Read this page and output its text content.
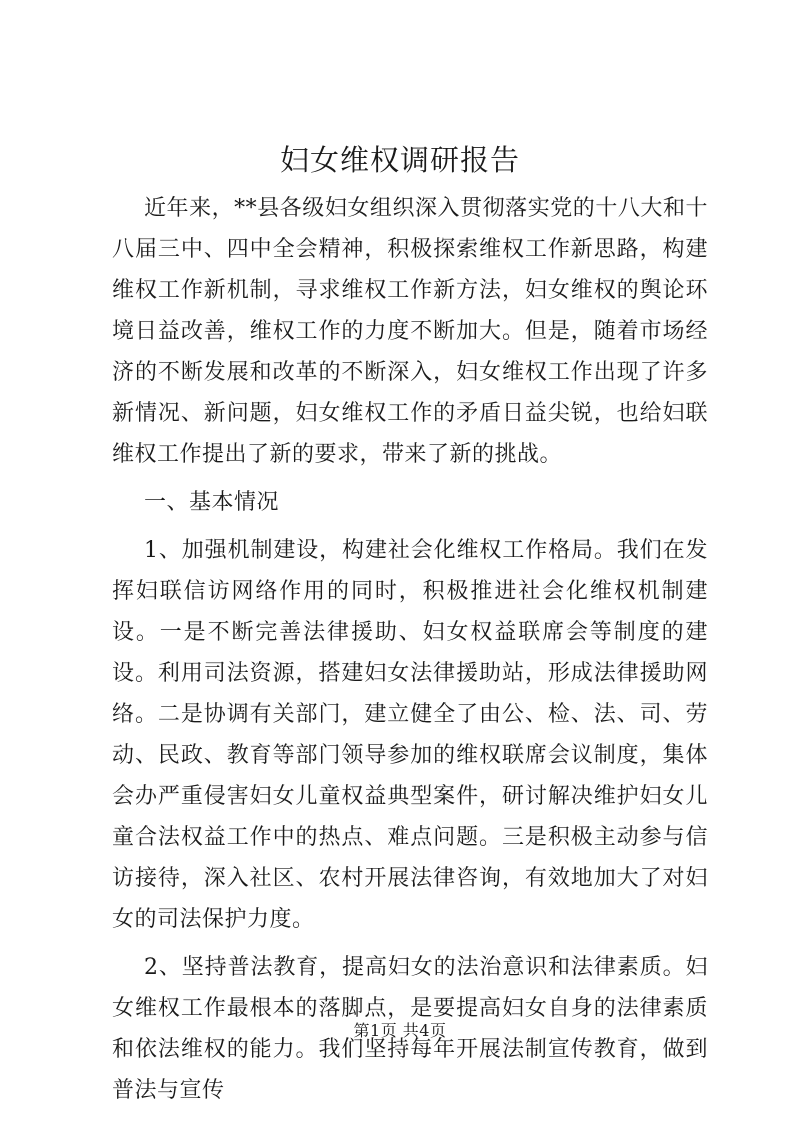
妇女维权调研报告

近年来，**县各级妇女组织深入贯彻落实党的十八大和十八届三中、四中全会精神，积极探索维权工作新思路，构建维权工作新机制，寻求维权工作新方法，妇女维权的舆论环境日益改善，维权工作的力度不断加大。但是，随着市场经济的不断发展和改革的不断深入，妇女维权工作出现了许多新情况、新问题，妇女维权工作的矛盾日益尖锐，也给妇联维权工作提出了新的要求，带来了新的挑战。

一、基本情况

1、加强机制建设，构建社会化维权工作格局。我们在发挥妇联信访网络作用的同时，积极推进社会化维权机制建设。一是不断完善法律援助、妇女权益联席会等制度的建设。利用司法资源，搭建妇女法律援助站，形成法律援助网络。二是协调有关部门，建立健全了由公、检、法、司、劳动、民政、教育等部门领导参加的维权联席会议制度，集体会办严重侵害妇女儿童权益典型案件，研讨解决维护妇女儿童合法权益工作中的热点、难点问题。三是积极主动参与信访接待，深入社区、农村开展法律咨询，有效地加大了对妇女的司法保护力度。

2、坚持普法教育，提高妇女的法治意识和法律素质。妇女维权工作最根本的落脚点，是要提高妇女自身的法律素质和依法维权的能力。我们坚持每年开展法制宣传教育，做到普法与宣传

第1页 共4页
